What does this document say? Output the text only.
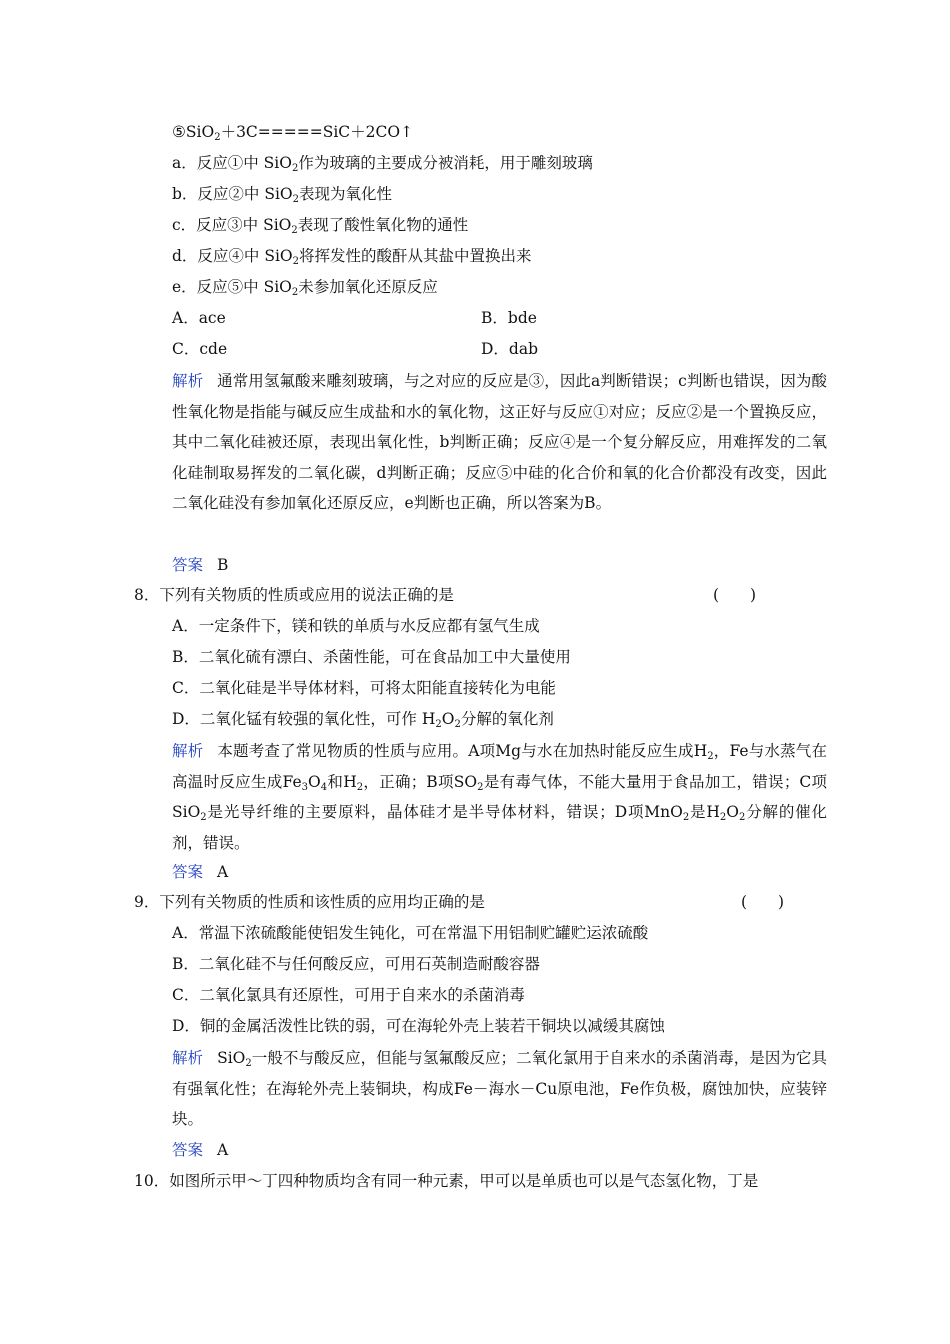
⑤SiO$_2$＋3C=====SiC＋2CO↑

a．反应①中 SiO$_2$作为玻璃的主要成分被消耗，用于雕刻玻璃

b．反应②中 SiO$_2$表现为氧化性

c．反应③中 SiO$_2$表现了酸性氧化物的通性

d．反应④中 SiO$_2$将挥发性的酸酐从其盐中置换出来

e．反应⑤中 SiO$_2$未参加氧化还原反应

A．ace	B．bde

C．cde	D．dab

解析 通常用氢氟酸来雕刻玻璃，与之对应的反应是③，因此a判断错误；c判断也错误，因为酸性氧化物是指能与碱反应生成盐和水的氧化物，这正好与反应①对应；反应②是一个置换反应，其中二氧化硅被还原，表现出氧化性，b判断正确；反应④是一个复分解反应，用难挥发的二氧化硅制取易挥发的二氧化碳，d判断正确；反应⑤中硅的化合价和氧的化合价都没有改变，因此二氧化硅没有参加氧化还原反应，e判断也正确，所以答案为B。

答案 B

8．下列有关物质的性质或应用的说法正确的是	(　　)

A．一定条件下，镁和铁的单质与水反应都有氢气生成

B．二氧化硫有漂白、杀菌性能，可在食品加工中大量使用

C．二氧化硅是半导体材料，可将太阳能直接转化为电能

D．二氧化锰有较强的氧化性，可作 $H_2O_2$分解的氧化剂

解析 本题考查了常见物质的性质与应用。A项Mg与水在加热时能反应生成$H_2$，Fe与水蒸气在高温时反应生成$Fe_3O_4$和$H_2$，正确；B项$SO_2$是有毒气体，不能大量用于食品加工，错误；C项SiO$_2$是光导纤维的主要原料，晶体硅才是半导体材料，错误；D项MnO$_2$是$H_2O_2$分解的催化剂，错误。

答案 A

9．下列有关物质的性质和该性质的应用均正确的是	(　　)

A．常温下浓硫酸能使铝发生钝化，可在常温下用铝制贮罐贮运浓硫酸

B．二氧化硅不与任何酸反应，可用石英制造耐酸容器

C．二氧化氯具有还原性，可用于自来水的杀菌消毒

D．铜的金属活泼性比铁的弱，可在海轮外壳上装若干铜块以减缓其腐蚀

解析 SiO$_2$一般不与酸反应，但能与氢氟酸反应；二氧化氯用于自来水的杀菌消毒，是因为它具有强氧化性；在海轮外壳上装铜块，构成Fe－海水－Cu原电池，Fe作负极，腐蚀加快，应装锌块。

答案 A

10．如图所示甲～丁四种物质均含有同一种元素，甲可以是单质也可以是气态氢化物，丁是
